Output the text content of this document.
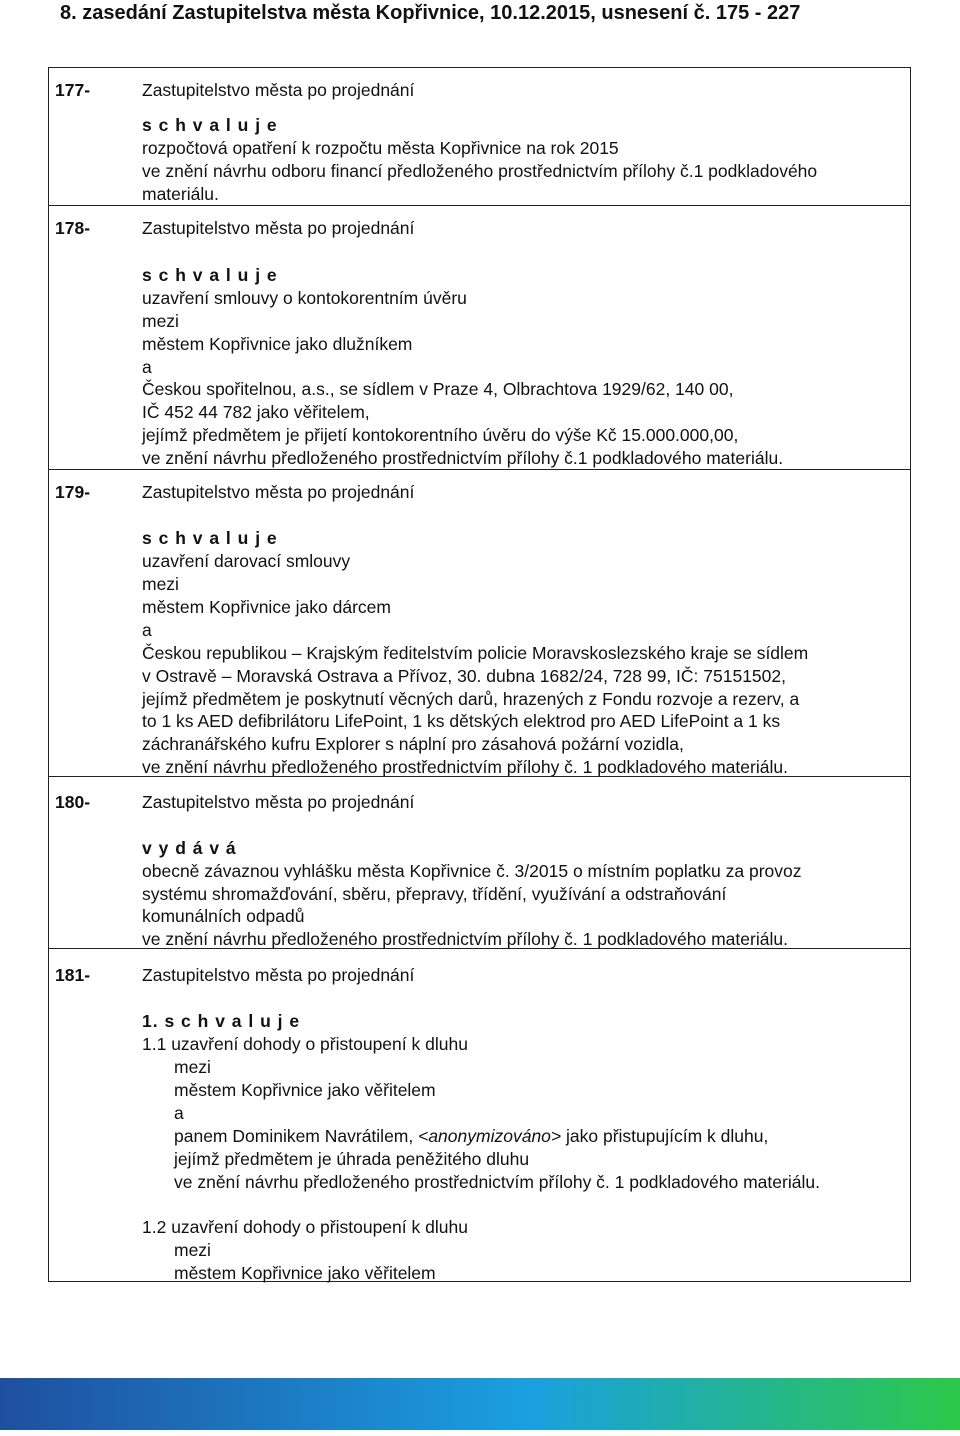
8. zasedání Zastupitelstva města Kopřivnice, 10.12.2015, usnesení č. 175 - 227
177-	Zastupitelstvo města po projednání
s c h v a l u j e
rozpočtová opatření k rozpočtu města Kopřivnice na rok 2015
ve znění návrhu odboru financí předloženého prostřednictvím přílohy č.1 podkladového
materiálu.
178-	Zastupitelstvo města po projednání
s c h v a l u j e
uzavření smlouvy o kontokorentním úvěru
mezi
městem Kopřivnice jako dlužníkem
a
Českou spořitelnou, a.s., se sídlem v Praze 4, Olbrachtova 1929/62, 140 00,
IČ 452 44 782 jako věřitelem,
jejímž předmětem je přijetí kontokorentního úvěru do výše Kč 15.000.000,00,
ve znění návrhu předloženého prostřednictvím přílohy č.1 podkladového materiálu.
179-	Zastupitelstvo města po projednání
s c h v a l u j e
uzavření darovací smlouvy
mezi
městem Kopřivnice jako dárcem
a
Českou republikou – Krajským ředitelstvím policie Moravskoslezského kraje se sídlem
v Ostravě – Moravská Ostrava a Přívoz, 30. dubna 1682/24, 728 99, IČ: 75151502,
jejímž předmětem je poskytnutí věcných darů, hrazených z Fondu rozvoje a rezerv, a
to 1 ks AED defibrilátoru LifePoint, 1 ks dětských elektrod pro AED LifePoint a 1 ks
záchranářského kufru Explorer s náplní pro zásahová požární vozidla,
ve znění návrhu předloženého prostřednictvím přílohy č. 1 podkladového materiálu.
180-	Zastupitelstvo města po projednání
v y d á v á
obecně závaznou vyhlášku města Kopřivnice č. 3/2015 o místním poplatku za provoz
systému shromažďování, sběru, přepravy, třídění, využívání a odstraňování
komunálních odpadů
ve znění návrhu předloženého prostřednictvím přílohy č. 1 podkladového materiálu.
181-	Zastupitelstvo města po projednání
1. s c h v a l u j e
1.1 uzavření dohody o přistoupení k dluhu
mezi
městem Kopřivnice jako věřitelem
a
panem Dominikem Navrátilem, <anonymizováno> jako přistupujícím k dluhu,
jejímž předmětem je úhrada peněžitého dluhu
ve znění návrhu předloženého prostřednictvím přílohy č. 1 podkladového materiálu.
1.2 uzavření dohody o přistoupení k dluhu
mezi
městem Kopřivnice jako věřitelem
